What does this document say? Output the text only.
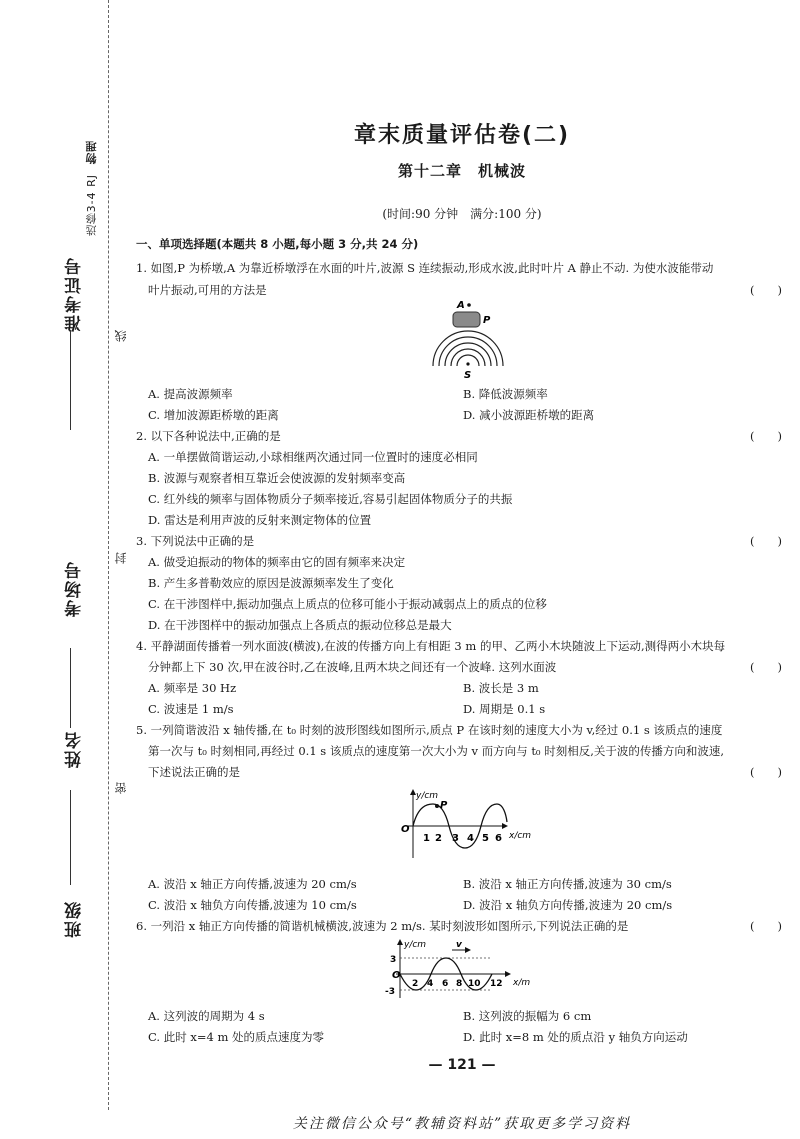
选修3-4 RJ物理
准考证号
考场号
姓名
班级
线
封
密
章末质量评估卷(二)
第十二章　机械波
(时间:90 分钟　满分:100 分)
一、单项选择题(本题共 8 小题,每小题 3 分,共 24 分)
1. 如图,P 为桥墩,A 为靠近桥墩浮在水面的叶片,波源 S 连续振动,形成水波,此时叶片 A 静止不动. 为使水波能带动
叶片振动,可用的方法是	(　　)
A
P
S
A. 提高波源频率	B. 降低波源频率
C. 增加波源距桥墩的距离	D. 减小波源距桥墩的距离
2. 以下各种说法中,正确的是	(　　)
A. 一单摆做简谐运动,小球相继两次通过同一位置时的速度必相同
B. 波源与观察者相互靠近会使波源的发射频率变高
C. 红外线的频率与固体物质分子频率接近,容易引起固体物质分子的共振
D. 雷达是利用声波的反射来测定物体的位置
3. 下列说法中正确的是	(　　)
A. 做受迫振动的物体的频率由它的固有频率来决定
B. 产生多普勒效应的原因是波源频率发生了变化
C. 在干涉图样中,振动加强点上质点的位移可能小于振动减弱点上的质点的位移
D. 在干涉图样中的振动加强点上各质点的振动位移总是最大
4. 平静湖面传播着一列水面波(横波),在波的传播方向上有相距 3 m 的甲、乙两小木块随波上下运动,测得两小木块每
分钟都上下 30 次,甲在波谷时,乙在波峰,且两木块之间还有一个波峰. 这列水面波	(　　)
A. 频率是 30 Hz	B. 波长是 3 m
C. 波速是 1 m/s	D. 周期是 0.1 s
5. 一列简谐波沿 x 轴传播,在 t₀ 时刻的波形图线如图所示,质点 P 在该时刻的速度大小为 v,经过 0.1 s 该质点的速度
第一次与 t₀ 时刻相同,再经过 0.1 s 该质点的速度第一次大小为 v 而方向与 t₀ 时刻相反,关于波的传播方向和波速,
下述说法正确的是	(　　)
y/cm
x/cm
O
P
1 2 3 4 5 6
A. 波沿 x 轴正方向传播,波速为 20 cm/s	B. 波沿 x 轴正方向传播,波速为 30 cm/s
C. 波沿 x 轴负方向传播,波速为 10 cm/s	D. 波沿 x 轴负方向传播,波速为 20 cm/s
6. 一列沿 x 轴正方向传播的简谐机械横波,波速为 2 m/s. 某时刻波形如图所示,下列说法正确的是	(　　)
y/cm	v
x/m
3
O
-3
2 4 6 8 10 12
A. 这列波的周期为 4 s	B. 这列波的振幅为 6 cm
C. 此时 x=4 m 处的质点速度为零	D. 此时 x=8 m 处的质点沿 y 轴负方向运动
— 121 —
关注微信公众号“教辅资料站”获取更多学习资料
